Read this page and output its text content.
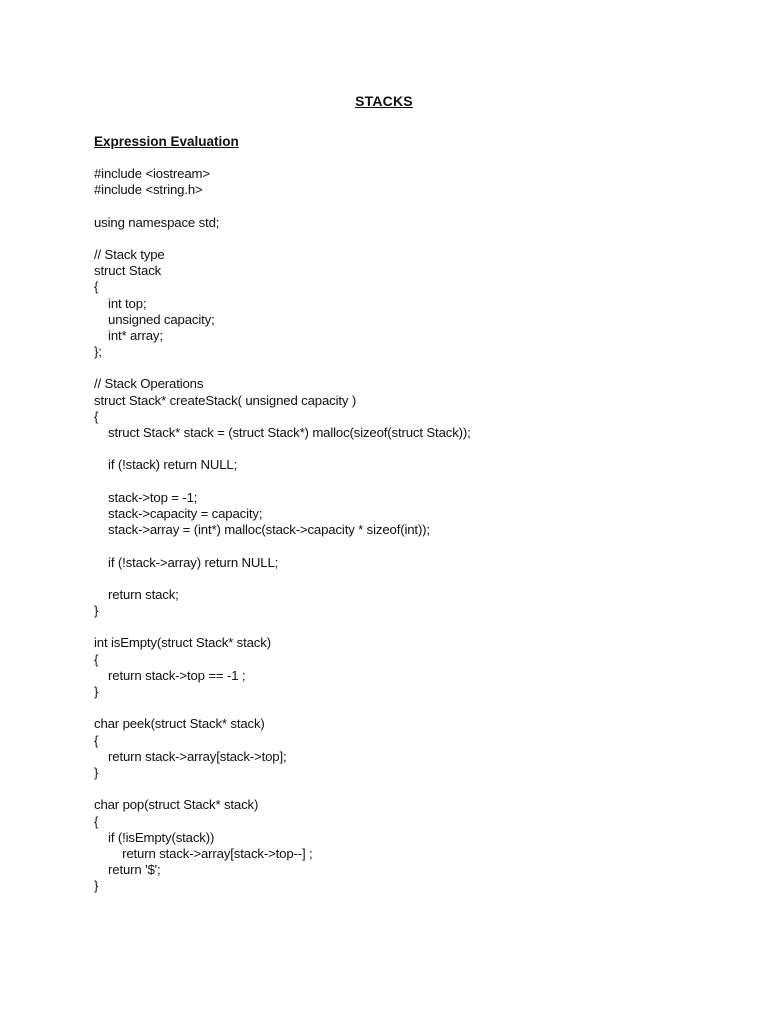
STACKS
Expression Evaluation
#include <iostream>
#include <string.h>
using namespace std;
// Stack type
struct Stack
{
int top;
unsigned capacity;
int* array;
};
// Stack Operations
struct Stack* createStack( unsigned capacity )
{
struct Stack* stack = (struct Stack*) malloc(sizeof(struct Stack));
if (!stack) return NULL;
stack->top = -1;
stack->capacity = capacity;
stack->array = (int*) malloc(stack->capacity * sizeof(int));
if (!stack->array) return NULL;
return stack;
}
int isEmpty(struct Stack* stack)
{
return stack->top == -1 ;
}
char peek(struct Stack* stack)
{
return stack->array[stack->top];
}
char pop(struct Stack* stack)
{
if (!isEmpty(stack))
return stack->array[stack->top--] ;
return '$';
}
